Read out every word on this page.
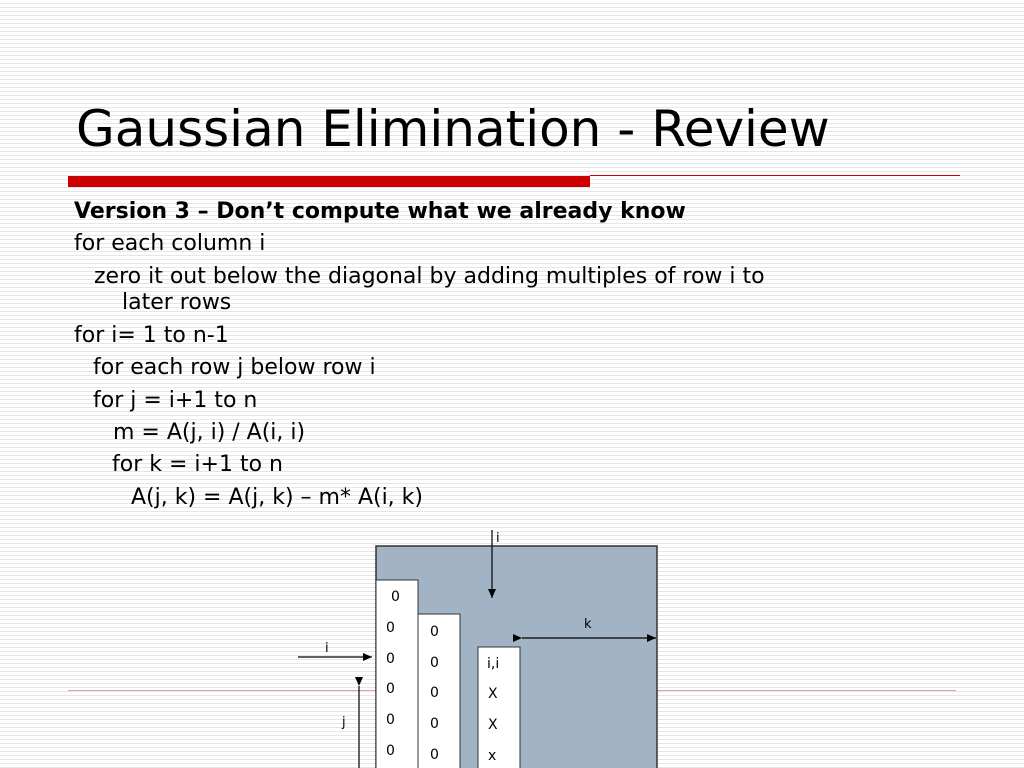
Gaussian Elimination - Review
Version 3 – Don’t compute what we already know
for each column i
zero it out below the diagonal by adding multiples of row i to
later rows
for i= 1 to n-1
for each row j below row i
for j = i+1 to n
m = A(j, i) / A(i, i)
for k = i+1 to n
A(j, k) = A(j, k) – m* A(i, k)
0
0
0
0
0
0
0
0
0
0
0
i,i
X
X
x
i
i
k
j
